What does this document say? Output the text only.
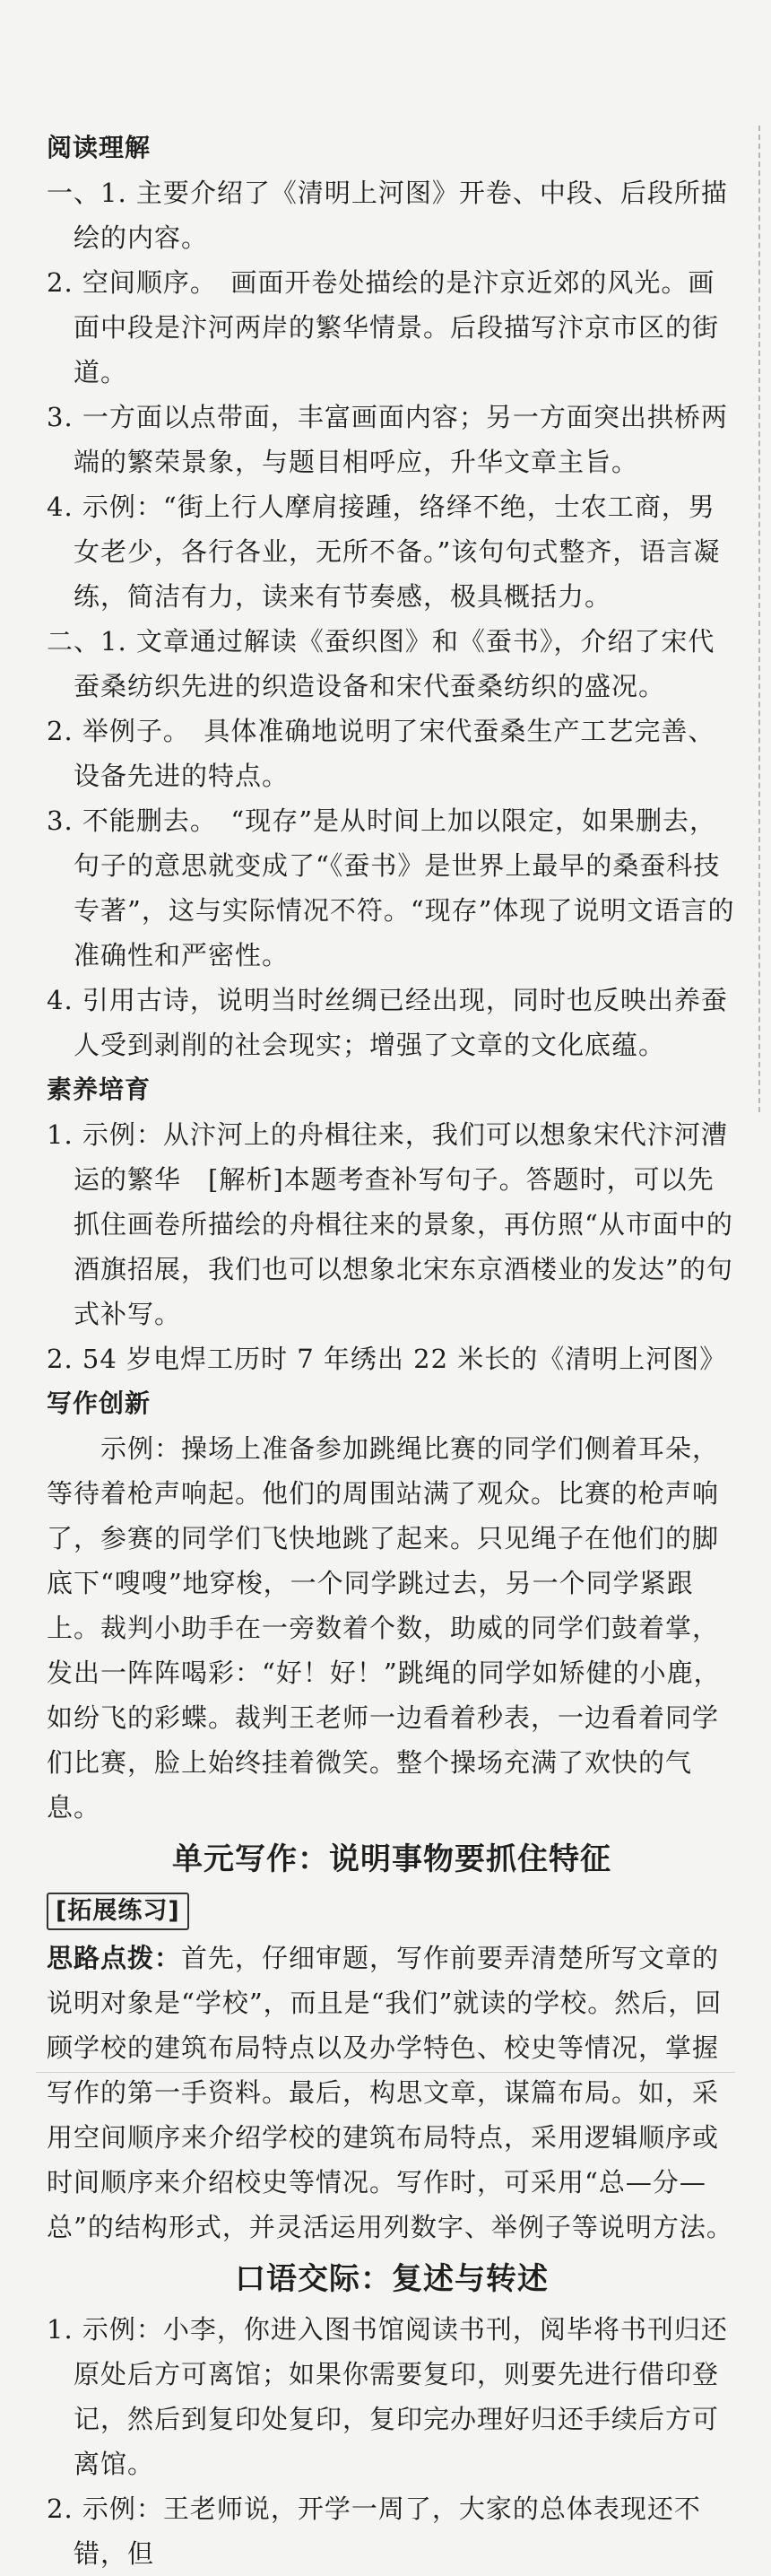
阅读理解

一、1. 主要介绍了《清明上河图》开卷、中段、后段所描绘的内容。

2. 空间顺序。　画面开卷处描绘的是汴京近郊的风光。画面中段是汴河两岸的繁华情景。后段描写汴京市区的街道。

3. 一方面以点带面，丰富画面内容；另一方面突出拱桥两端的繁荣景象，与题目相呼应，升华文章主旨。

4. 示例：“街上行人摩肩接踵，络绎不绝，士农工商，男女老少，各行各业，无所不备。”该句句式整齐，语言凝练，简洁有力，读来有节奏感，极具概括力。

二、1. 文章通过解读《蚕织图》和《蚕书》，介绍了宋代蚕桑纺织先进的织造设备和宋代蚕桑纺织的盛况。

2. 举例子。　具体准确地说明了宋代蚕桑生产工艺完善、设备先进的特点。

3. 不能删去。　“现存”是从时间上加以限定，如果删去，句子的意思就变成了“《蚕书》是世界上最早的桑蚕科技专著”，这与实际情况不符。“现存”体现了说明文语言的准确性和严密性。

4. 引用古诗，说明当时丝绸已经出现，同时也反映出养蚕人受到剥削的社会现实；增强了文章的文化底蕴。

素养培育

1. 示例：从汴河上的舟楫往来，我们可以想象宋代汴河漕运的繁华　[解析]本题考查补写句子。答题时，可以先抓住画卷所描绘的舟楫往来的景象，再仿照“从市面中的酒旗招展，我们也可以想象北宋东京酒楼业的发达”的句式补写。

2. 54 岁电焊工历时 7 年绣出 22 米长的《清明上河图》

写作创新

示例：操场上准备参加跳绳比赛的同学们侧着耳朵，等待着枪声响起。他们的周围站满了观众。比赛的枪声响了，参赛的同学们飞快地跳了起来。只见绳子在他们的脚底下“嗖嗖”地穿梭，一个同学跳过去，另一个同学紧跟上。裁判小助手在一旁数着个数，助威的同学们鼓着掌，发出一阵阵喝彩：“好！好！”跳绳的同学如矫健的小鹿，如纷飞的彩蝶。裁判王老师一边看着秒表，一边看着同学们比赛，脸上始终挂着微笑。整个操场充满了欢快的气息。

单元写作：说明事物要抓住特征
[拓展练习]

思路点拨：首先，仔细审题，写作前要弄清楚所写文章的说明对象是“学校”，而且是“我们”就读的学校。然后，回顾学校的建筑布局特点以及办学特色、校史等情况，掌握写作的第一手资料。最后，构思文章，谋篇布局。如，采用空间顺序来介绍学校的建筑布局特点，采用逻辑顺序或时间顺序来介绍校史等情况。写作时，可采用“总—分—总”的结构形式，并灵活运用列数字、举例子等说明方法。

口语交际：复述与转述

1. 示例：小李，你进入图书馆阅读书刊，阅毕将书刊归还原处后方可离馆；如果你需要复印，则要先进行借印登记，然后到复印处复印，复印完办理好归还手续后方可离馆。

2. 示例：王老师说，开学一周了，大家的总体表现还不错，但
